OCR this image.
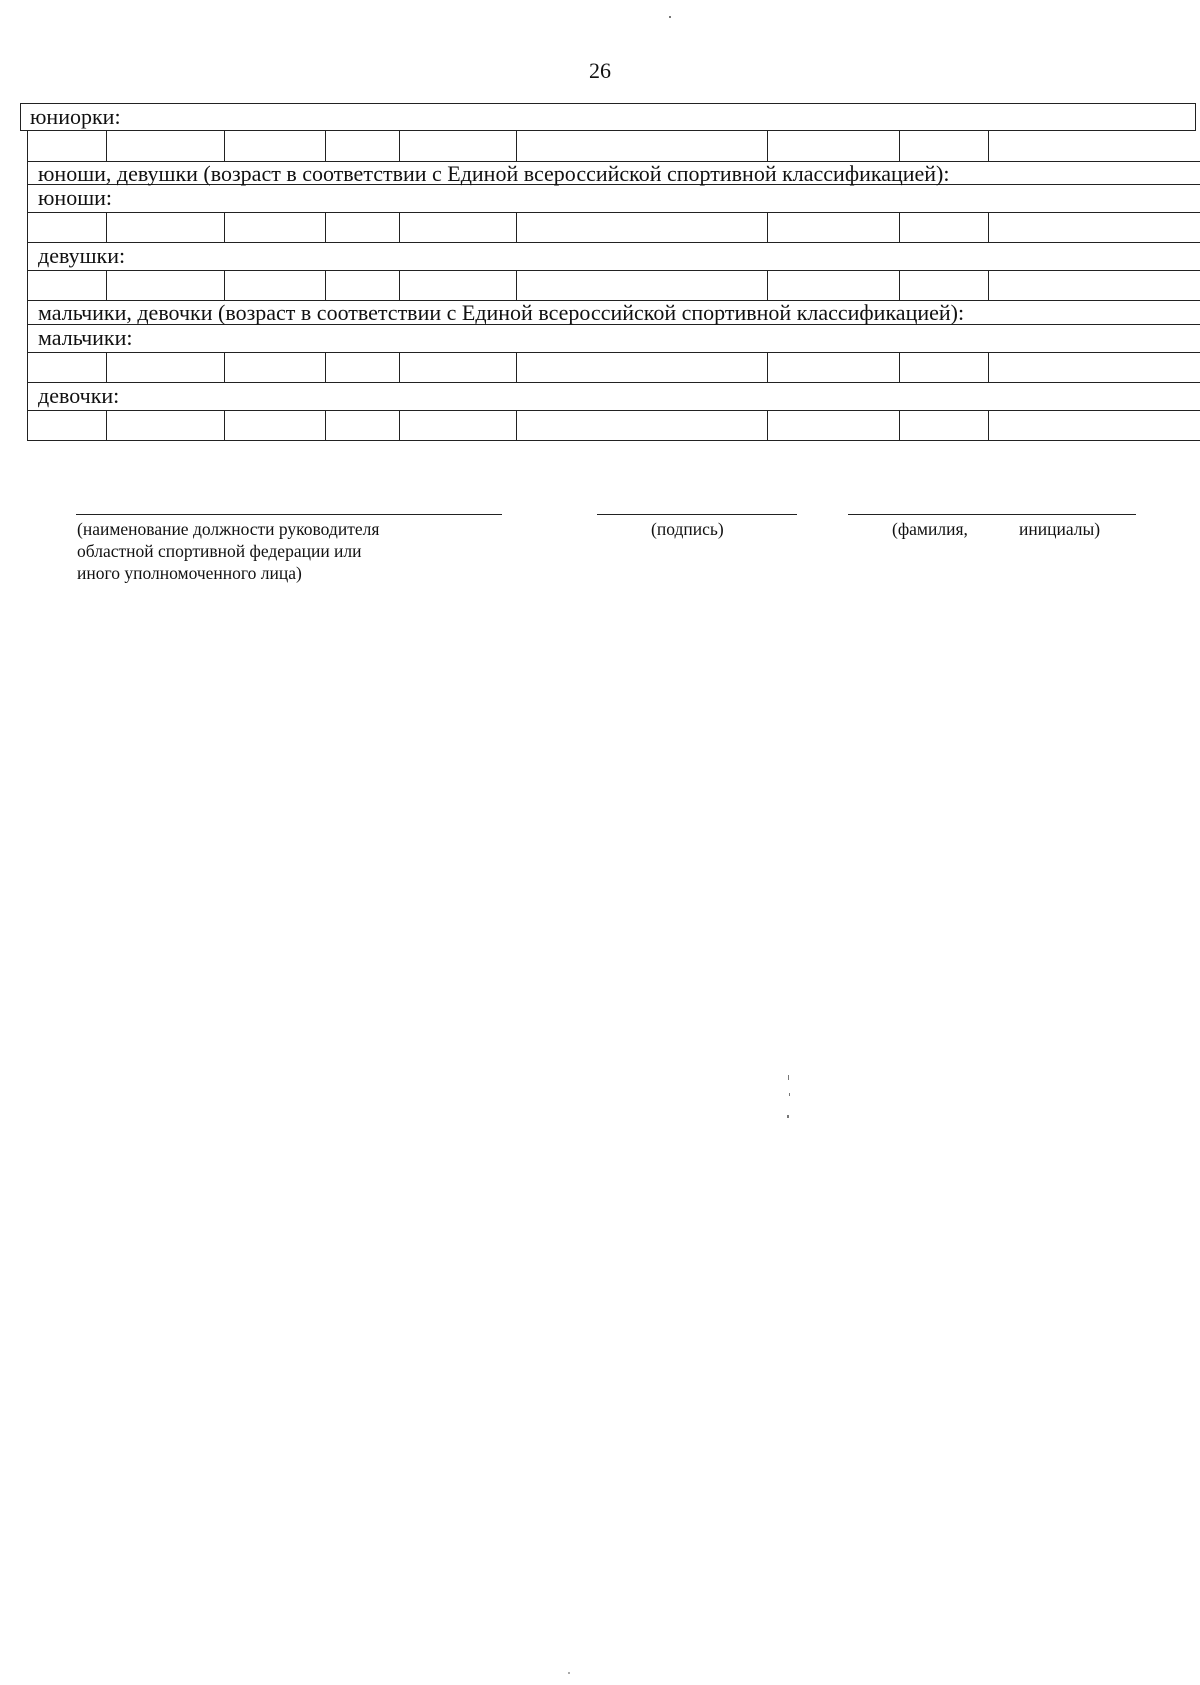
26
юниорки:
юноши, девушки (возраст в соответствии с Единой всероссийской спортивной классификацией):
юноши:
девушки:
мальчики, девочки (возраст в соответствии с Единой всероссийской спортивной классификацией):
мальчики:
девочки:
(наименование должности руководителя
областной спортивной федерации или
иного уполномоченного лица)
(подпись)	(фамилия,	инициалы)
